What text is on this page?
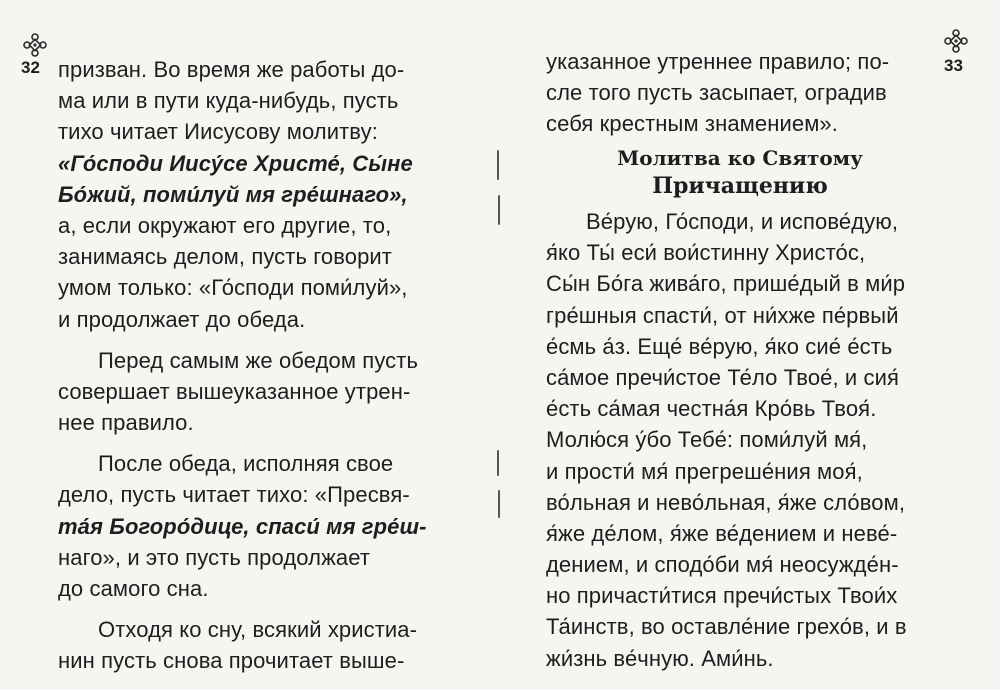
32 призван. Во время же работы до-
ма или в пути куда-нибудь, пусть
тихо читает Иисусову молитву:
«Го́споди Иису́се Христе́, Сы́не
Бо́жий, поми́луй мя гре́шнаго»,
а, если окружают его другие, то,
занимаясь делом, пусть говорит
умом только: «Го́споди поми́луй»,
и продолжает до обеда.
Перед самым же обедом пусть
совершает вышеуказанное утрен-
нее правило.
После обеда, исполняя свое
дело, пусть читает тихо: «Пресвя-
та́я Богоро́дице, спаси́ мя гре́ш-
наго», и это пусть продолжает
до самого сна.
Отходя ко сну, всякий христиа-
нин пусть снова прочитает выше-
33
указанное утреннее правило; по-
сле того пусть засыпает, оградив
себя крестным знамением».
Молитва ко Святому
Причащению
Ве́рую, Го́споди, и испове́дую,
я́ко Ты́ еси́ вои́стинну Христо́с,
Сы́н Бо́га жива́го, прише́дый в ми́р
гре́шныя спасти́, от ни́хже пе́рвый
е́смь а́з. Еще́ ве́рую, я́ко сие́ е́сть
са́мое пречи́стое Те́ло Твое́, и сия́
е́сть са́мая честна́я Кро́вь Твоя́.
Молю́ся у́бо Тебе́: поми́луй мя́,
и прости́ мя́ прегреше́ния моя́,
во́льная и нево́льная, я́же сло́вом,
я́же де́лом, я́же ве́дением и неве́-
дением, и сподо́би мя́ неосужде́н-
но причасти́тися пречи́стых Твои́х
Та́инств, во оставле́ние грехо́в, и в
жи́знь ве́чную. Ами́нь.
